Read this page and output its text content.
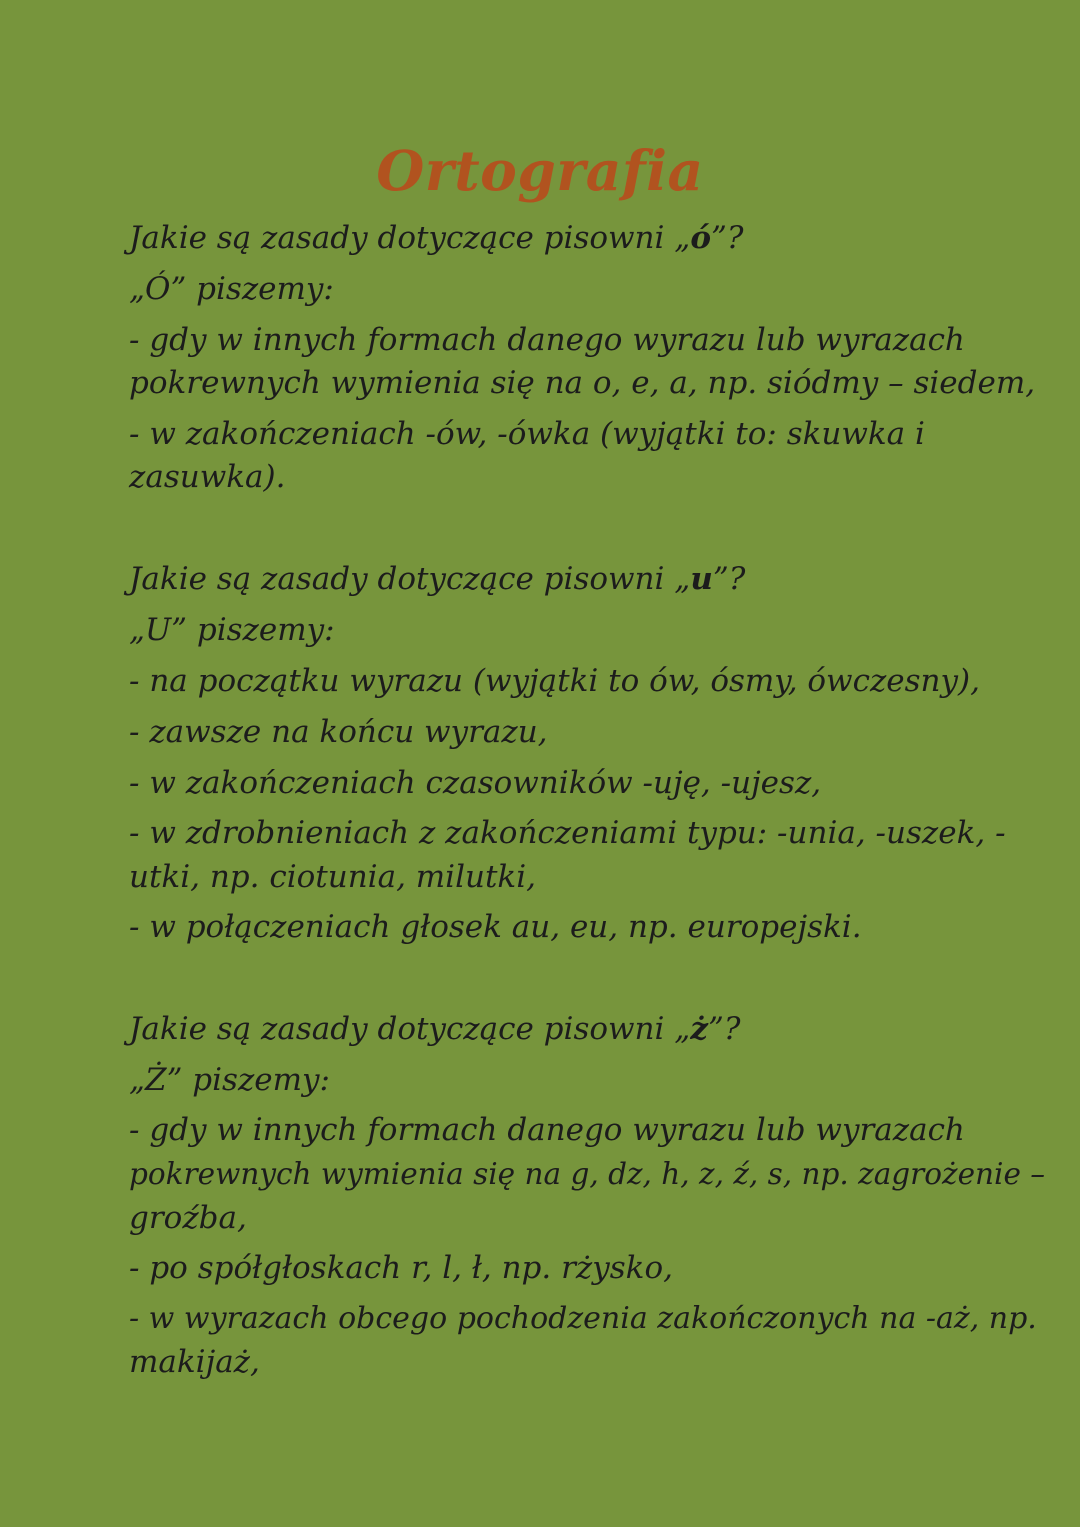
Ortografia

Jakie są zasady dotyczące pisowni „ó”?

„Ó” piszemy:

- gdy w innych formach danego wyrazu lub wyrazach

pokrewnych wymienia się na o, e, a, np. siódmy – siedem,

- w zakończeniach -ów, -ówka (wyjątki to: skuwka i

zasuwka).

Jakie są zasady dotyczące pisowni „u”?

„U” piszemy:

- na początku wyrazu (wyjątki to ów, ósmy, ówczesny),

- zawsze na końcu wyrazu,

- w zakończeniach czasowników -uję, -ujesz,

- w zdrobnieniach z zakończeniami typu: -unia, -uszek, -

utki, np. ciotunia, milutki,

- w połączeniach głosek au, eu, np. europejski.

Jakie są zasady dotyczące pisowni „ż”?

„Ż” piszemy:

- gdy w innych formach danego wyrazu lub wyrazach

pokrewnych wymienia się na g, dz, h, z, ź, s, np. zagrożenie –

groźba,

- po spółgłoskach r, l, ł, np. rżysko,

- w wyrazach obcego pochodzenia zakończonych na -aż, np.

makijaż,
